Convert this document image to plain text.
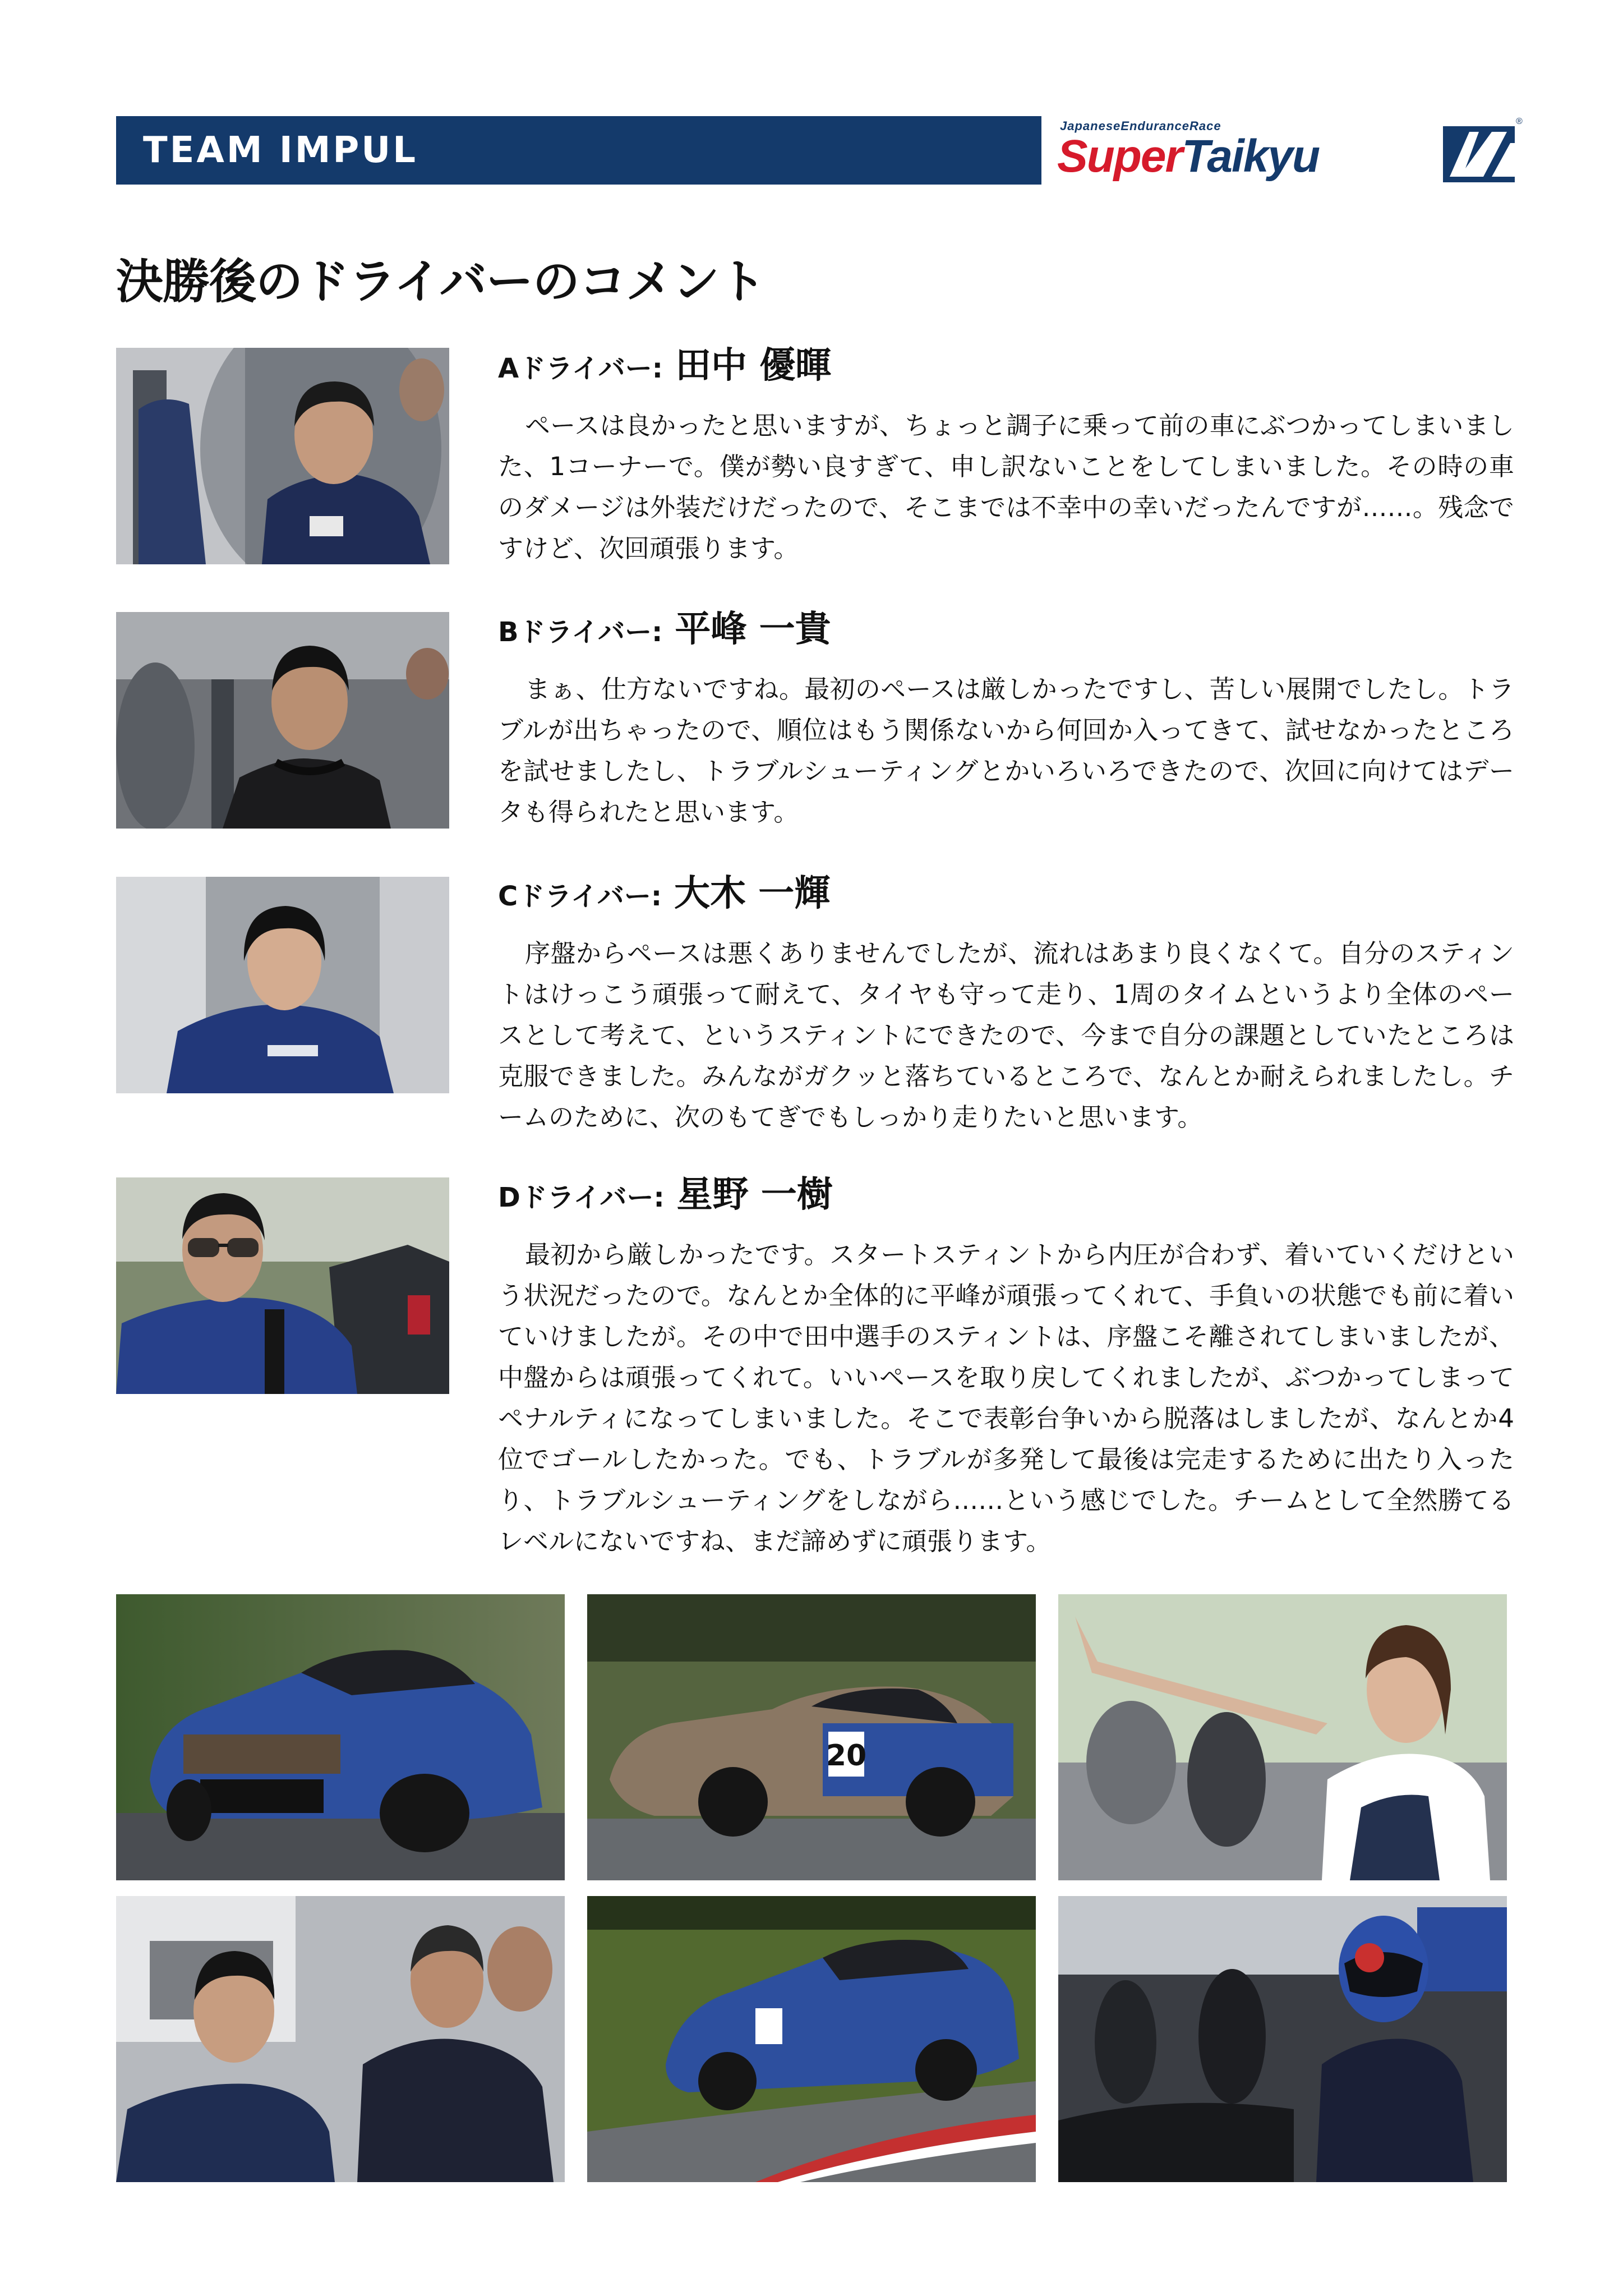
TEAM IMPUL
JapaneseEnduranceRace
SuperTaikyu
®
決勝後のドライバーのコメント
Aドライバー: 田中 優暉

ペースは良かったと思いますが、ちょっと調子に乗って前の車にぶつかってしまいました、1コーナーで。僕が勢い良すぎて、申し訳ないことをしてしまいました。その時の車のダメージは外装だけだったので、そこまでは不幸中の幸いだったんですが……。残念ですけど、次回頑張ります。

Bドライバー: 平峰 一貴

まぁ、仕方ないですね。最初のペースは厳しかったですし、苦しい展開でしたし。トラブルが出ちゃったので、順位はもう関係ないから何回か入ってきて、試せなかったところを試せましたし、トラブルシューティングとかいろいろできたので、次回に向けてはデータも得られたと思います。

Cドライバー: 大木 一輝

序盤からペースは悪くありませんでしたが、流れはあまり良くなくて。自分のスティントはけっこう頑張って耐えて、タイヤも守って走り、1周のタイムというより全体のペースとして考えて、というスティントにできたので、今まで自分の課題としていたところは克服できました。みんながガクッと落ちているところで、なんとか耐えられましたし。チームのために、次のもてぎでもしっかり走りたいと思います。

Dドライバー: 星野 一樹

最初から厳しかったです。スタートスティントから内圧が合わず、着いていくだけという状況だったので。なんとか全体的に平峰が頑張ってくれて、手負いの状態でも前に着いていけましたが。その中で田中選手のスティントは、序盤こそ離されてしまいましたが、中盤からは頑張ってくれて。いいペースを取り戻してくれましたが、ぶつかってしまってペナルティになってしまいました。そこで表彰台争いから脱落はしましたが、なんとか4位でゴールしたかった。でも、トラブルが多発して最後は完走するために出たり入ったり、トラブルシューティングをしながら……という感じでした。チームとして全然勝てるレベルにないですね、まだ諦めずに頑張ります。

20
